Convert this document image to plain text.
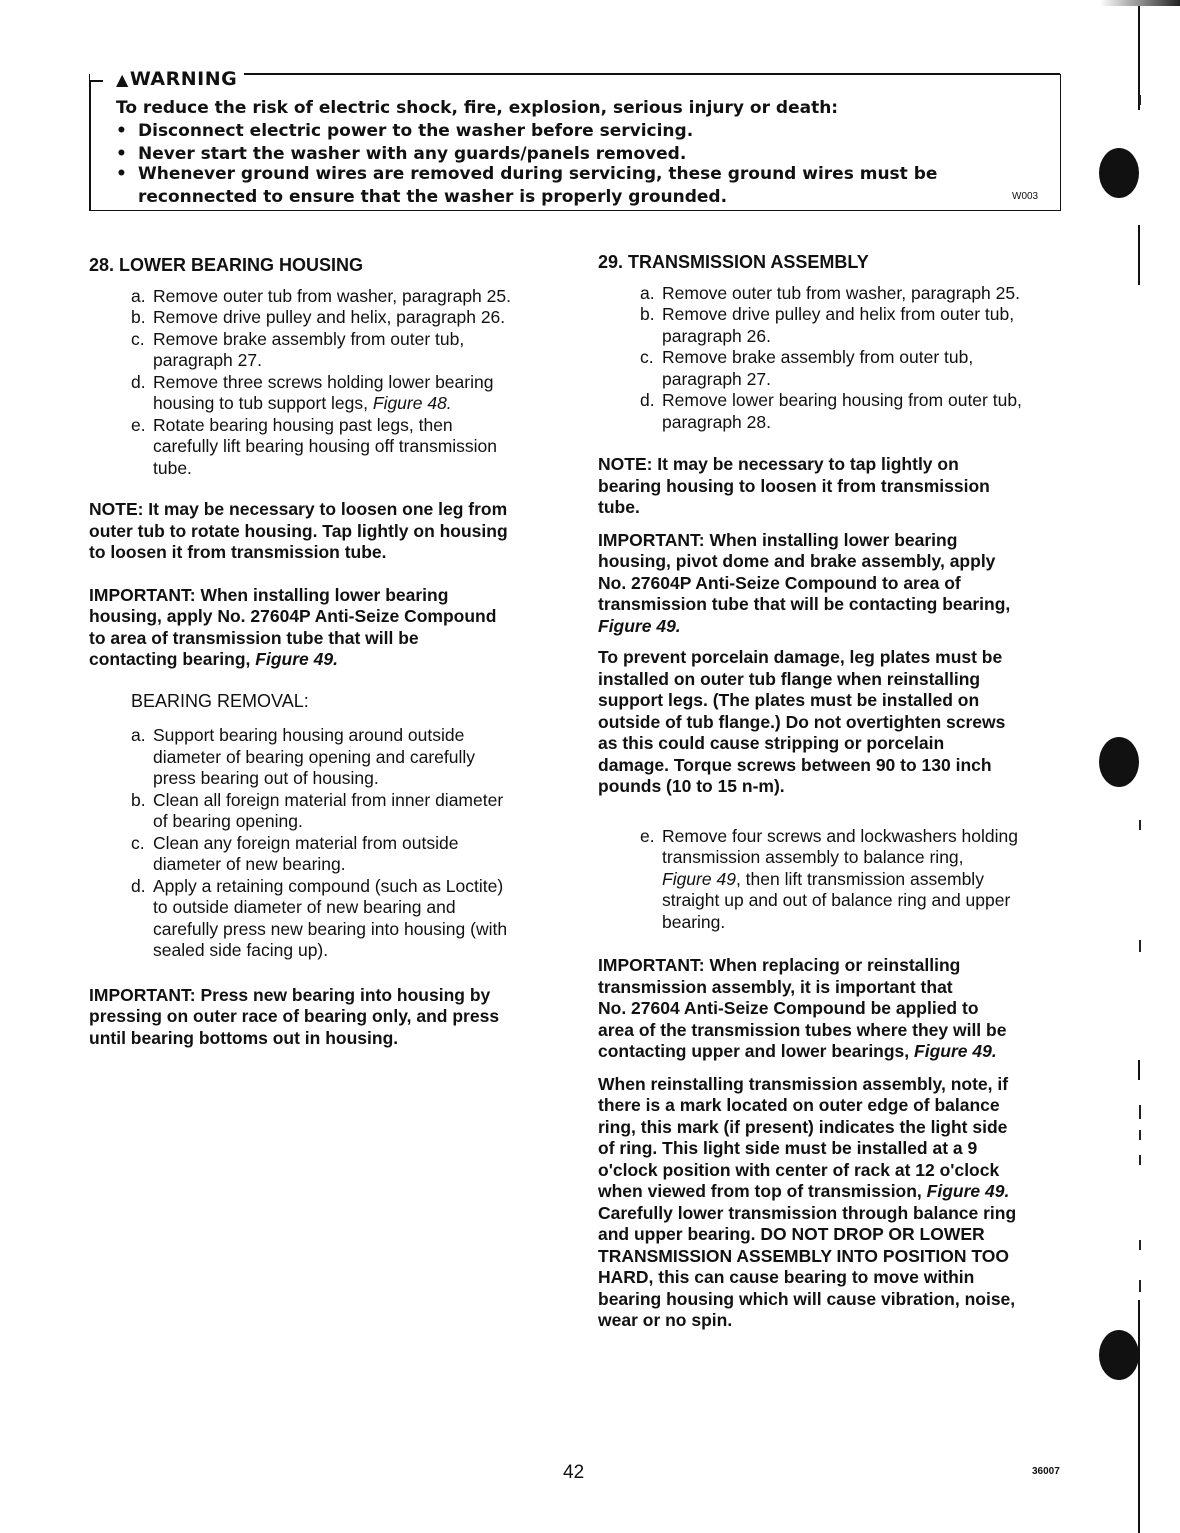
▲WARNING
To reduce the risk of electric shock, fire, explosion, serious injury or death:
• Disconnect electric power to the washer before servicing.
• Never start the washer with any guards/panels removed.
• Whenever ground wires are removed during servicing, these ground wires must be
reconnected to ensure that the washer is properly grounded.	W003
28. LOWER BEARING HOUSING
a. Remove outer tub from washer, paragraph 25.
b. Remove drive pulley and helix, paragraph 26.
c. Remove brake assembly from outer tub,
paragraph 27.
d. Remove three screws holding lower bearing
housing to tub support legs, Figure 48.
e. Rotate bearing housing past legs, then
carefully lift bearing housing off transmission
tube.
NOTE: It may be necessary to loosen one leg from
outer tub to rotate housing. Tap lightly on housing
to loosen it from transmission tube.
IMPORTANT: When installing lower bearing
housing, apply No. 27604P Anti-Seize Compound
to area of transmission tube that will be
contacting bearing, Figure 49.
BEARING REMOVAL:
a. Support bearing housing around outside
diameter of bearing opening and carefully
press bearing out of housing.
b. Clean all foreign material from inner diameter
of bearing opening.
c. Clean any foreign material from outside
diameter of new bearing.
d. Apply a retaining compound (such as Loctite)
to outside diameter of new bearing and
carefully press new bearing into housing (with
sealed side facing up).
IMPORTANT: Press new bearing into housing by
pressing on outer race of bearing only, and press
until bearing bottoms out in housing.
29. TRANSMISSION ASSEMBLY
a. Remove outer tub from washer, paragraph 25.
b. Remove drive pulley and helix from outer tub,
paragraph 26.
c. Remove brake assembly from outer tub,
paragraph 27.
d. Remove lower bearing housing from outer tub,
paragraph 28.
NOTE: It may be necessary to tap lightly on
bearing housing to loosen it from transmission
tube.
IMPORTANT: When installing lower bearing
housing, pivot dome and brake assembly, apply
No. 27604P Anti-Seize Compound to area of
transmission tube that will be contacting bearing,
Figure 49.
To prevent porcelain damage, leg plates must be
installed on outer tub flange when reinstalling
support legs. (The plates must be installed on
outside of tub flange.) Do not overtighten screws
as this could cause stripping or porcelain
damage. Torque screws between 90 to 130 inch
pounds (10 to 15 n-m).
e. Remove four screws and lockwashers holding
transmission assembly to balance ring,
Figure 49, then lift transmission assembly
straight up and out of balance ring and upper
bearing.
IMPORTANT: When replacing or reinstalling
transmission assembly, it is important that
No. 27604 Anti-Seize Compound be applied to
area of the transmission tubes where they will be
contacting upper and lower bearings, Figure 49.
When reinstalling transmission assembly, note, if
there is a mark located on outer edge of balance
ring, this mark (if present) indicates the light side
of ring. This light side must be installed at a 9
o'clock position with center of rack at 12 o'clock
when viewed from top of transmission, Figure 49.
Carefully lower transmission through balance ring
and upper bearing. DO NOT DROP OR LOWER
TRANSMISSION ASSEMBLY INTO POSITION TOO
HARD, this can cause bearing to move within
bearing housing which will cause vibration, noise,
wear or no spin.
42	36007
